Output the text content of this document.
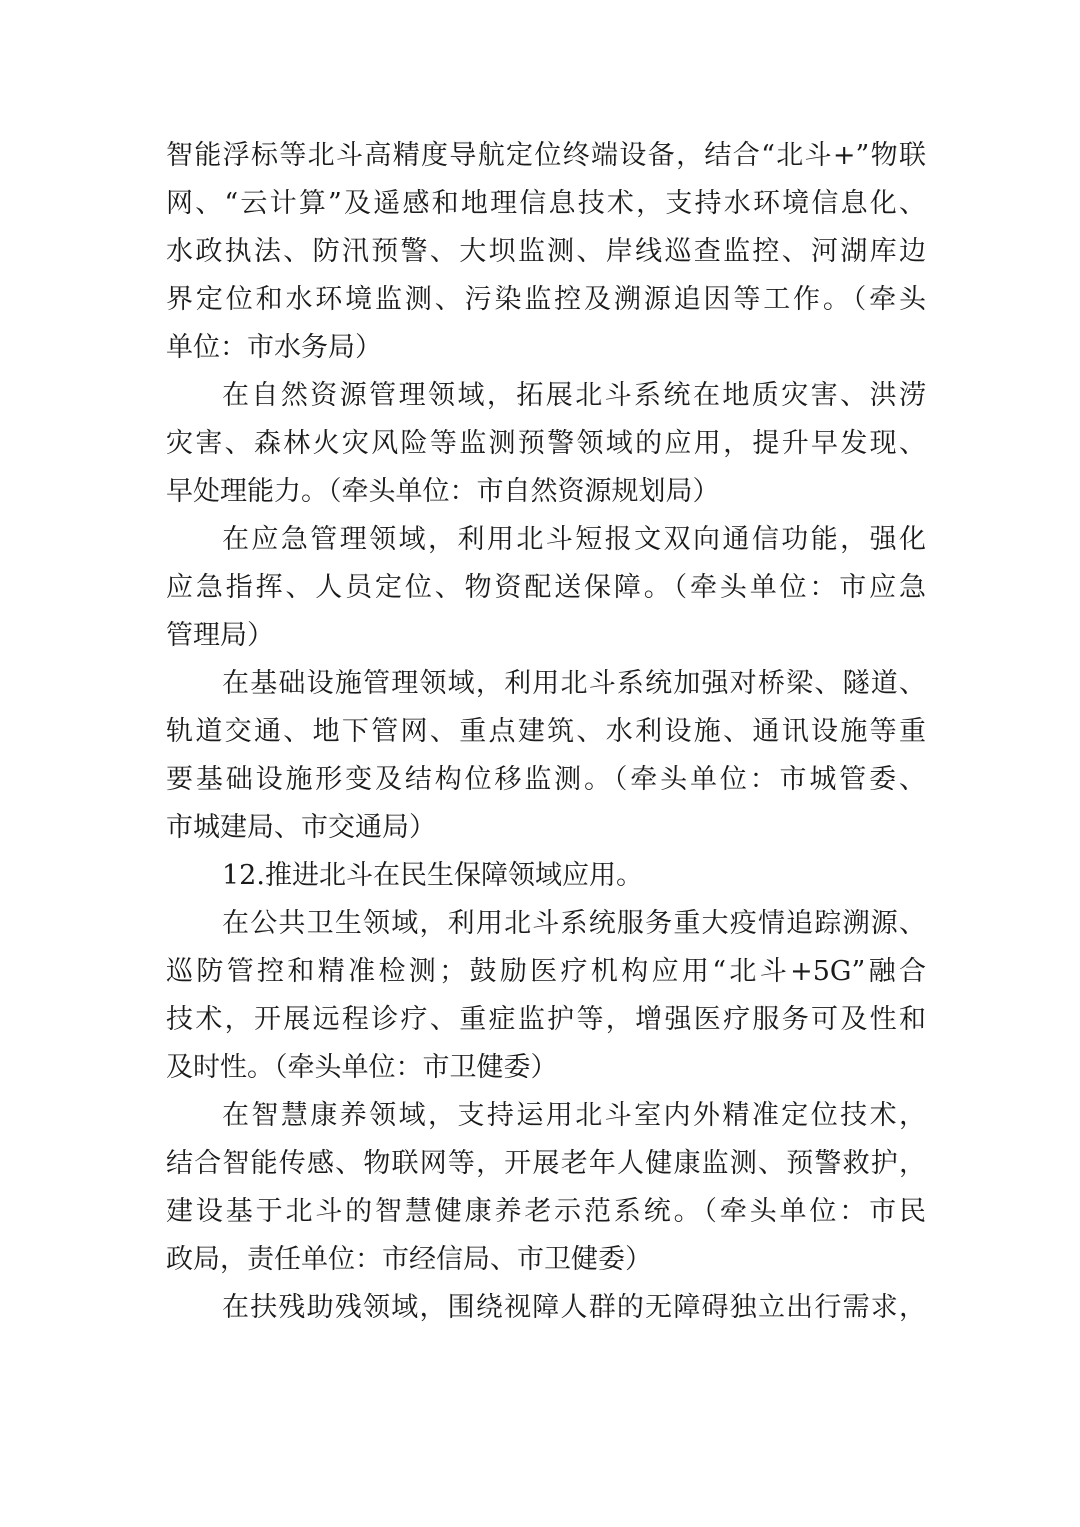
智能浮标等北斗高精度导航定位终端设备，结合“北斗+”物联
网、“云计算”及遥感和地理信息技术，支持水环境信息化、
水政执法、防汛预警、大坝监测、岸线巡查监控、河湖库边
界定位和水环境监测、污染监控及溯源追因等工作。（牵头
单位：市水务局）
在自然资源管理领域，拓展北斗系统在地质灾害、洪涝
灾害、森林火灾风险等监测预警领域的应用，提升早发现、
早处理能力。（牵头单位：市自然资源规划局）
在应急管理领域，利用北斗短报文双向通信功能，强化
应急指挥、人员定位、物资配送保障。（牵头单位：市应急
管理局）
在基础设施管理领域，利用北斗系统加强对桥梁、隧道、
轨道交通、地下管网、重点建筑、水利设施、通讯设施等重
要基础设施形变及结构位移监测。（牵头单位：市城管委、
市城建局、市交通局）
12.推进北斗在民生保障领域应用。
在公共卫生领域，利用北斗系统服务重大疫情追踪溯源、
巡防管控和精准检测；鼓励医疗机构应用“北斗+5G”融合
技术，开展远程诊疗、重症监护等，增强医疗服务可及性和
及时性。（牵头单位：市卫健委）
在智慧康养领域，支持运用北斗室内外精准定位技术，
结合智能传感、物联网等，开展老年人健康监测、预警救护，
建设基于北斗的智慧健康养老示范系统。（牵头单位：市民
政局，责任单位：市经信局、市卫健委）
在扶残助残领域，围绕视障人群的无障碍独立出行需求，
